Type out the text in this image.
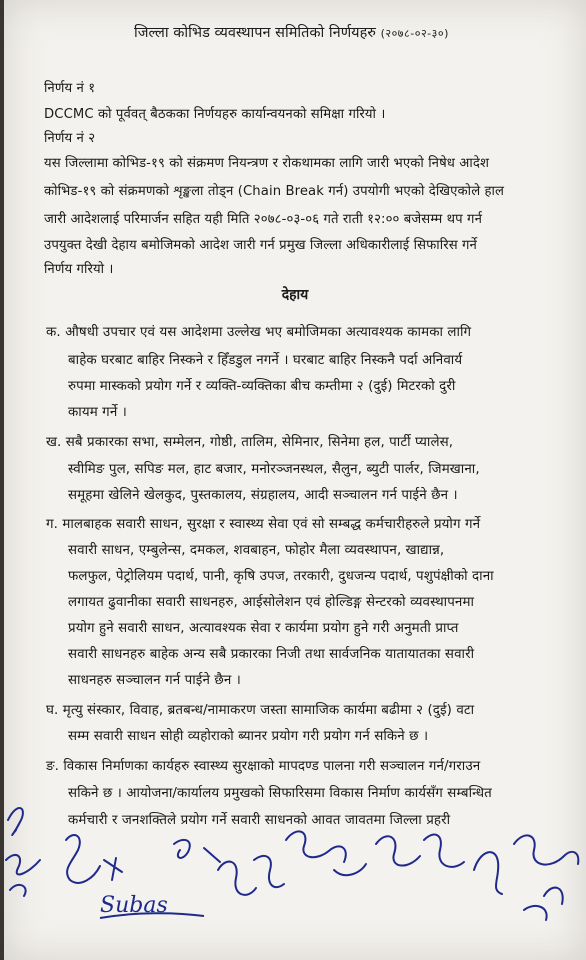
जिल्ला कोभिड व्यवस्थापन समितिको निर्णयहरु (२०७८-०२-३०)
निर्णय नं १
DCCMC को पूर्ववत् बैठकका निर्णयहरु कार्यान्वयनको समिक्षा गरियो ।
निर्णय नं २
यस जिल्लामा कोभिड-१९ को संक्रमण नियन्त्रण र रोकथामका लागि जारी भएको निषेध आदेश
कोभिड-१९ को संक्रमणको शृङ्खला तोड्न (Chain Break गर्न) उपयोगी भएको देखिएकोले हाल
जारी आदेशलाई परिमार्जन सहित यही मिति २०७८-०३-०६ गते राती १२:०० बजेसम्म थप गर्न
उपयुक्त देखी देहाय बमोजिमको आदेश जारी गर्न प्रमुख जिल्ला अधिकारीलाई सिफारिस गर्ने
निर्णय गरियो ।
देहाय
क. औषधी उपचार एवं यस आदेशमा उल्लेख भए बमोजिमका अत्यावश्यक कामका लागि
बाहेक घरबाट बाहिर निस्कने र हिँडडुल नगर्ने । घरबाट बाहिर निस्कनै पर्दा अनिवार्य
रुपमा मास्कको प्रयोग गर्ने र व्यक्ति-व्यक्तिका बीच कम्तीमा २ (दुई) मिटरको दुरी
कायम गर्ने ।
ख. सबै प्रकारका सभा, सम्मेलन, गोष्ठी, तालिम, सेमिनार, सिनेमा हल, पार्टी प्यालेस,
स्वीमिङ पुल, सपिङ मल, हाट बजार, मनोरञ्जनस्थल, सैलुन, ब्युटी पार्लर, जिमखाना,
समूहमा खेलिने खेलकुद, पुस्तकालय, संग्रहालय, आदी सञ्चालन गर्न पाईने छैन ।
ग. मालबाहक सवारी साधन, सुरक्षा र स्वास्थ्य सेवा एवं सो सम्बद्ध कर्मचारीहरुले प्रयोग गर्ने
सवारी साधन, एम्बुलेन्स, दमकल, शवबाहन, फोहोर मैला व्यवस्थापन, खाद्यान्न,
फलफुल, पेट्रोलियम पदार्थ, पानी, कृषि उपज, तरकारी, दुधजन्य पदार्थ, पशुपंक्षीको दाना
लगायत ढुवानीका सवारी साधनहरु, आईसोलेशन एवं होल्डिङ्ग सेन्टरको व्यवस्थापनमा
प्रयोग हुने सवारी साधन, अत्यावश्यक सेवा र कार्यमा प्रयोग हुने गरी अनुमती प्राप्त
सवारी साधनहरु बाहेक अन्य सबै प्रकारका निजी तथा सार्वजनिक यातायातका सवारी
साधनहरु सञ्चालन गर्न पाईने छैन ।
घ. मृत्यु संस्कार, विवाह, ब्रतबन्ध/नामाकरण जस्ता सामाजिक कार्यमा बढीमा २ (दुई) वटा
सम्म सवारी साधन सोही व्यहोराको ब्यानर प्रयोग गरी प्रयोग गर्न सकिने छ ।
ङ. विकास निर्माणका कार्यहरु स्वास्थ्य सुरक्षाको मापदण्ड पालना गरी सञ्चालन गर्न/गराउन
सकिने छ । आयोजना/कार्यालय प्रमुखको सिफारिसमा विकास निर्माण कार्यसँग सम्बन्धित
कर्मचारी र जनशक्तिले प्रयोग गर्ने सवारी साधनको आवत जावतमा जिल्ला प्रहरी
Subas
